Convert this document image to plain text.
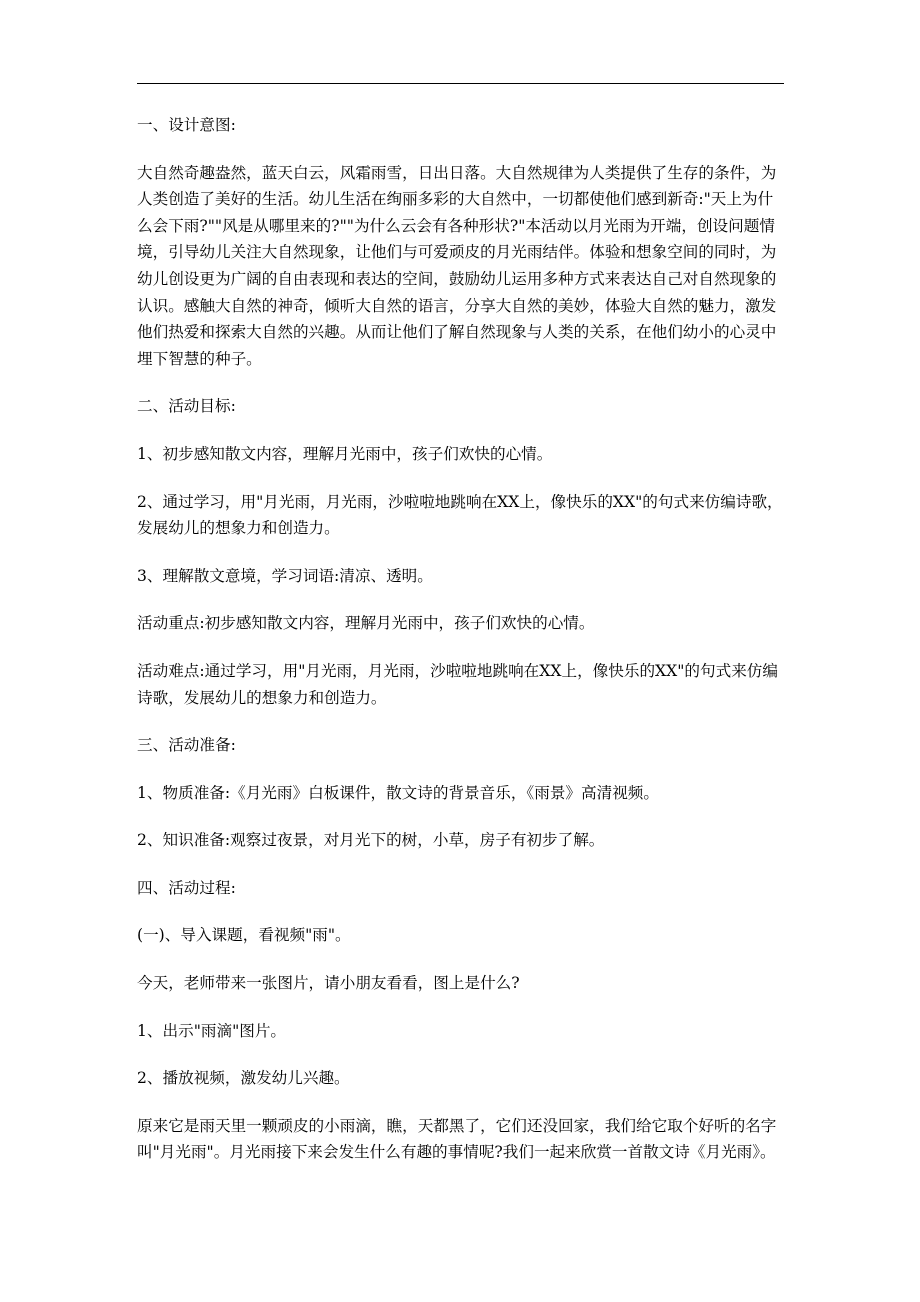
一、设计意图:

大自然奇趣盎然，蓝天白云，风霜雨雪，日出日落。大自然规律为人类提供了生存的条件，为人类创造了美好的生活。幼儿生活在绚丽多彩的大自然中，一切都使他们感到新奇:"天上为什么会下雨?""风是从哪里来的?""为什么云会有各种形状?"本活动以月光雨为开端，创设问题情境，引导幼儿关注大自然现象，让他们与可爱顽皮的月光雨结伴。体验和想象空间的同时，为幼儿创设更为广阔的自由表现和表达的空间，鼓励幼儿运用多种方式来表达自己对自然现象的认识。感触大自然的神奇，倾听大自然的语言，分享大自然的美妙，体验大自然的魅力，激发他们热爱和探索大自然的兴趣。从而让他们了解自然现象与人类的关系，在他们幼小的心灵中埋下智慧的种子。

二、活动目标:

1、初步感知散文内容，理解月光雨中，孩子们欢快的心情。

2、通过学习，用"月光雨，月光雨，沙啦啦地跳响在XX上，像快乐的XX"的句式来仿编诗歌，发展幼儿的想象力和创造力。

3、理解散文意境，学习词语:清凉、透明。

活动重点:初步感知散文内容，理解月光雨中，孩子们欢快的心情。

活动难点:通过学习，用"月光雨，月光雨，沙啦啦地跳响在XX上，像快乐的XX"的句式来仿编诗歌，发展幼儿的想象力和创造力。

三、活动准备:

1、物质准备:《月光雨》白板课件，散文诗的背景音乐，《雨景》高清视频。

2、知识准备:观察过夜景，对月光下的树，小草，房子有初步了解。

四、活动过程:

(一)、导入课题，看视频"雨"。

今天，老师带来一张图片，请小朋友看看，图上是什么?

1、出示"雨滴"图片。

2、播放视频，激发幼儿兴趣。

原来它是雨天里一颗顽皮的小雨滴，瞧，天都黑了，它们还没回家，我们给它取个好听的名字叫"月光雨"。月光雨接下来会发生什么有趣的事情呢?我们一起来欣赏一首散文诗《月光雨》。
